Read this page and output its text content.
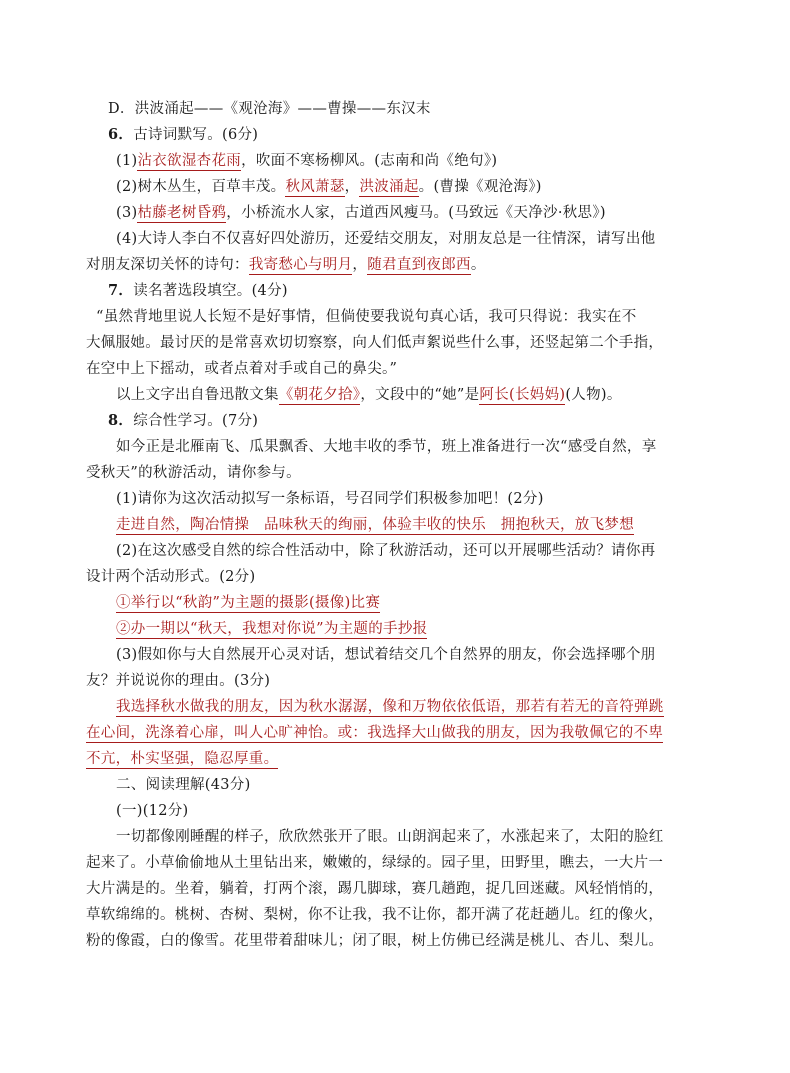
D．洪波涌起——《观沧海》——曹操——东汉末
6．古诗词默写。(6分)
(1)沾衣欲湿杏花雨，吹面不寒杨柳风。(志南和尚《绝句》)
(2)树木丛生，百草丰茂。秋风萧瑟，洪波涌起。(曹操《观沧海》)
(3)枯藤老树昏鸦，小桥流水人家，古道西风瘦马。(马致远《天净沙·秋思》)
(4)大诗人李白不仅喜好四处游历，还爱结交朋友，对朋友总是一往情深，请写出他
对朋友深切关怀的诗句：我寄愁心与明月，随君直到夜郎西。
7．读名著选段填空。(4分)
“虽然背地里说人长短不是好事情，但倘使要我说句真心话，我可只得说：我实在不
大佩服她。最讨厌的是常喜欢切切察察，向人们低声絮说些什么事，还竖起第二个手指，
在空中上下摇动，或者点着对手或自己的鼻尖。”
以上文字出自鲁迅散文集《朝花夕拾》，文段中的“她”是阿长(长妈妈)(人物)。
8．综合性学习。(7分)
如今正是北雁南飞、瓜果飘香、大地丰收的季节，班上准备进行一次“感受自然，享
受秋天”的秋游活动，请你参与。
(1)请你为这次活动拟写一条标语，号召同学们积极参加吧！(2分)
走进自然，陶冶情操　品味秋天的绚丽，体验丰收的快乐　拥抱秋天，放飞梦想
(2)在这次感受自然的综合性活动中，除了秋游活动，还可以开展哪些活动？请你再
设计两个活动形式。(2分)
①举行以“秋韵”为主题的摄影(摄像)比赛
②办一期以“秋天，我想对你说”为主题的手抄报
(3)假如你与大自然展开心灵对话，想试着结交几个自然界的朋友，你会选择哪个朋
友？并说说你的理由。(3分)
我选择秋水做我的朋友，因为秋水潺潺，像和万物依依低语，那若有若无的音符弹跳
在心间，洗涤着心扉，叫人心旷神怡。或：我选择大山做我的朋友，因为我敬佩它的不卑
不亢，朴实坚强，隐忍厚重。
二、阅读理解(43分)
(一)(12分)
一切都像刚睡醒的样子，欣欣然张开了眼。山朗润起来了，水涨起来了，太阳的脸红
起来了。小草偷偷地从土里钻出来，嫩嫩的，绿绿的。园子里，田野里，瞧去，一大片一
大片满是的。坐着，躺着，打两个滚，踢几脚球，赛几趟跑，捉几回迷藏。风轻悄悄的，
草软绵绵的。桃树、杏树、梨树，你不让我，我不让你，都开满了花赶趟儿。红的像火，
粉的像霞，白的像雪。花里带着甜味儿；闭了眼，树上仿佛已经满是桃儿、杏儿、梨儿。
